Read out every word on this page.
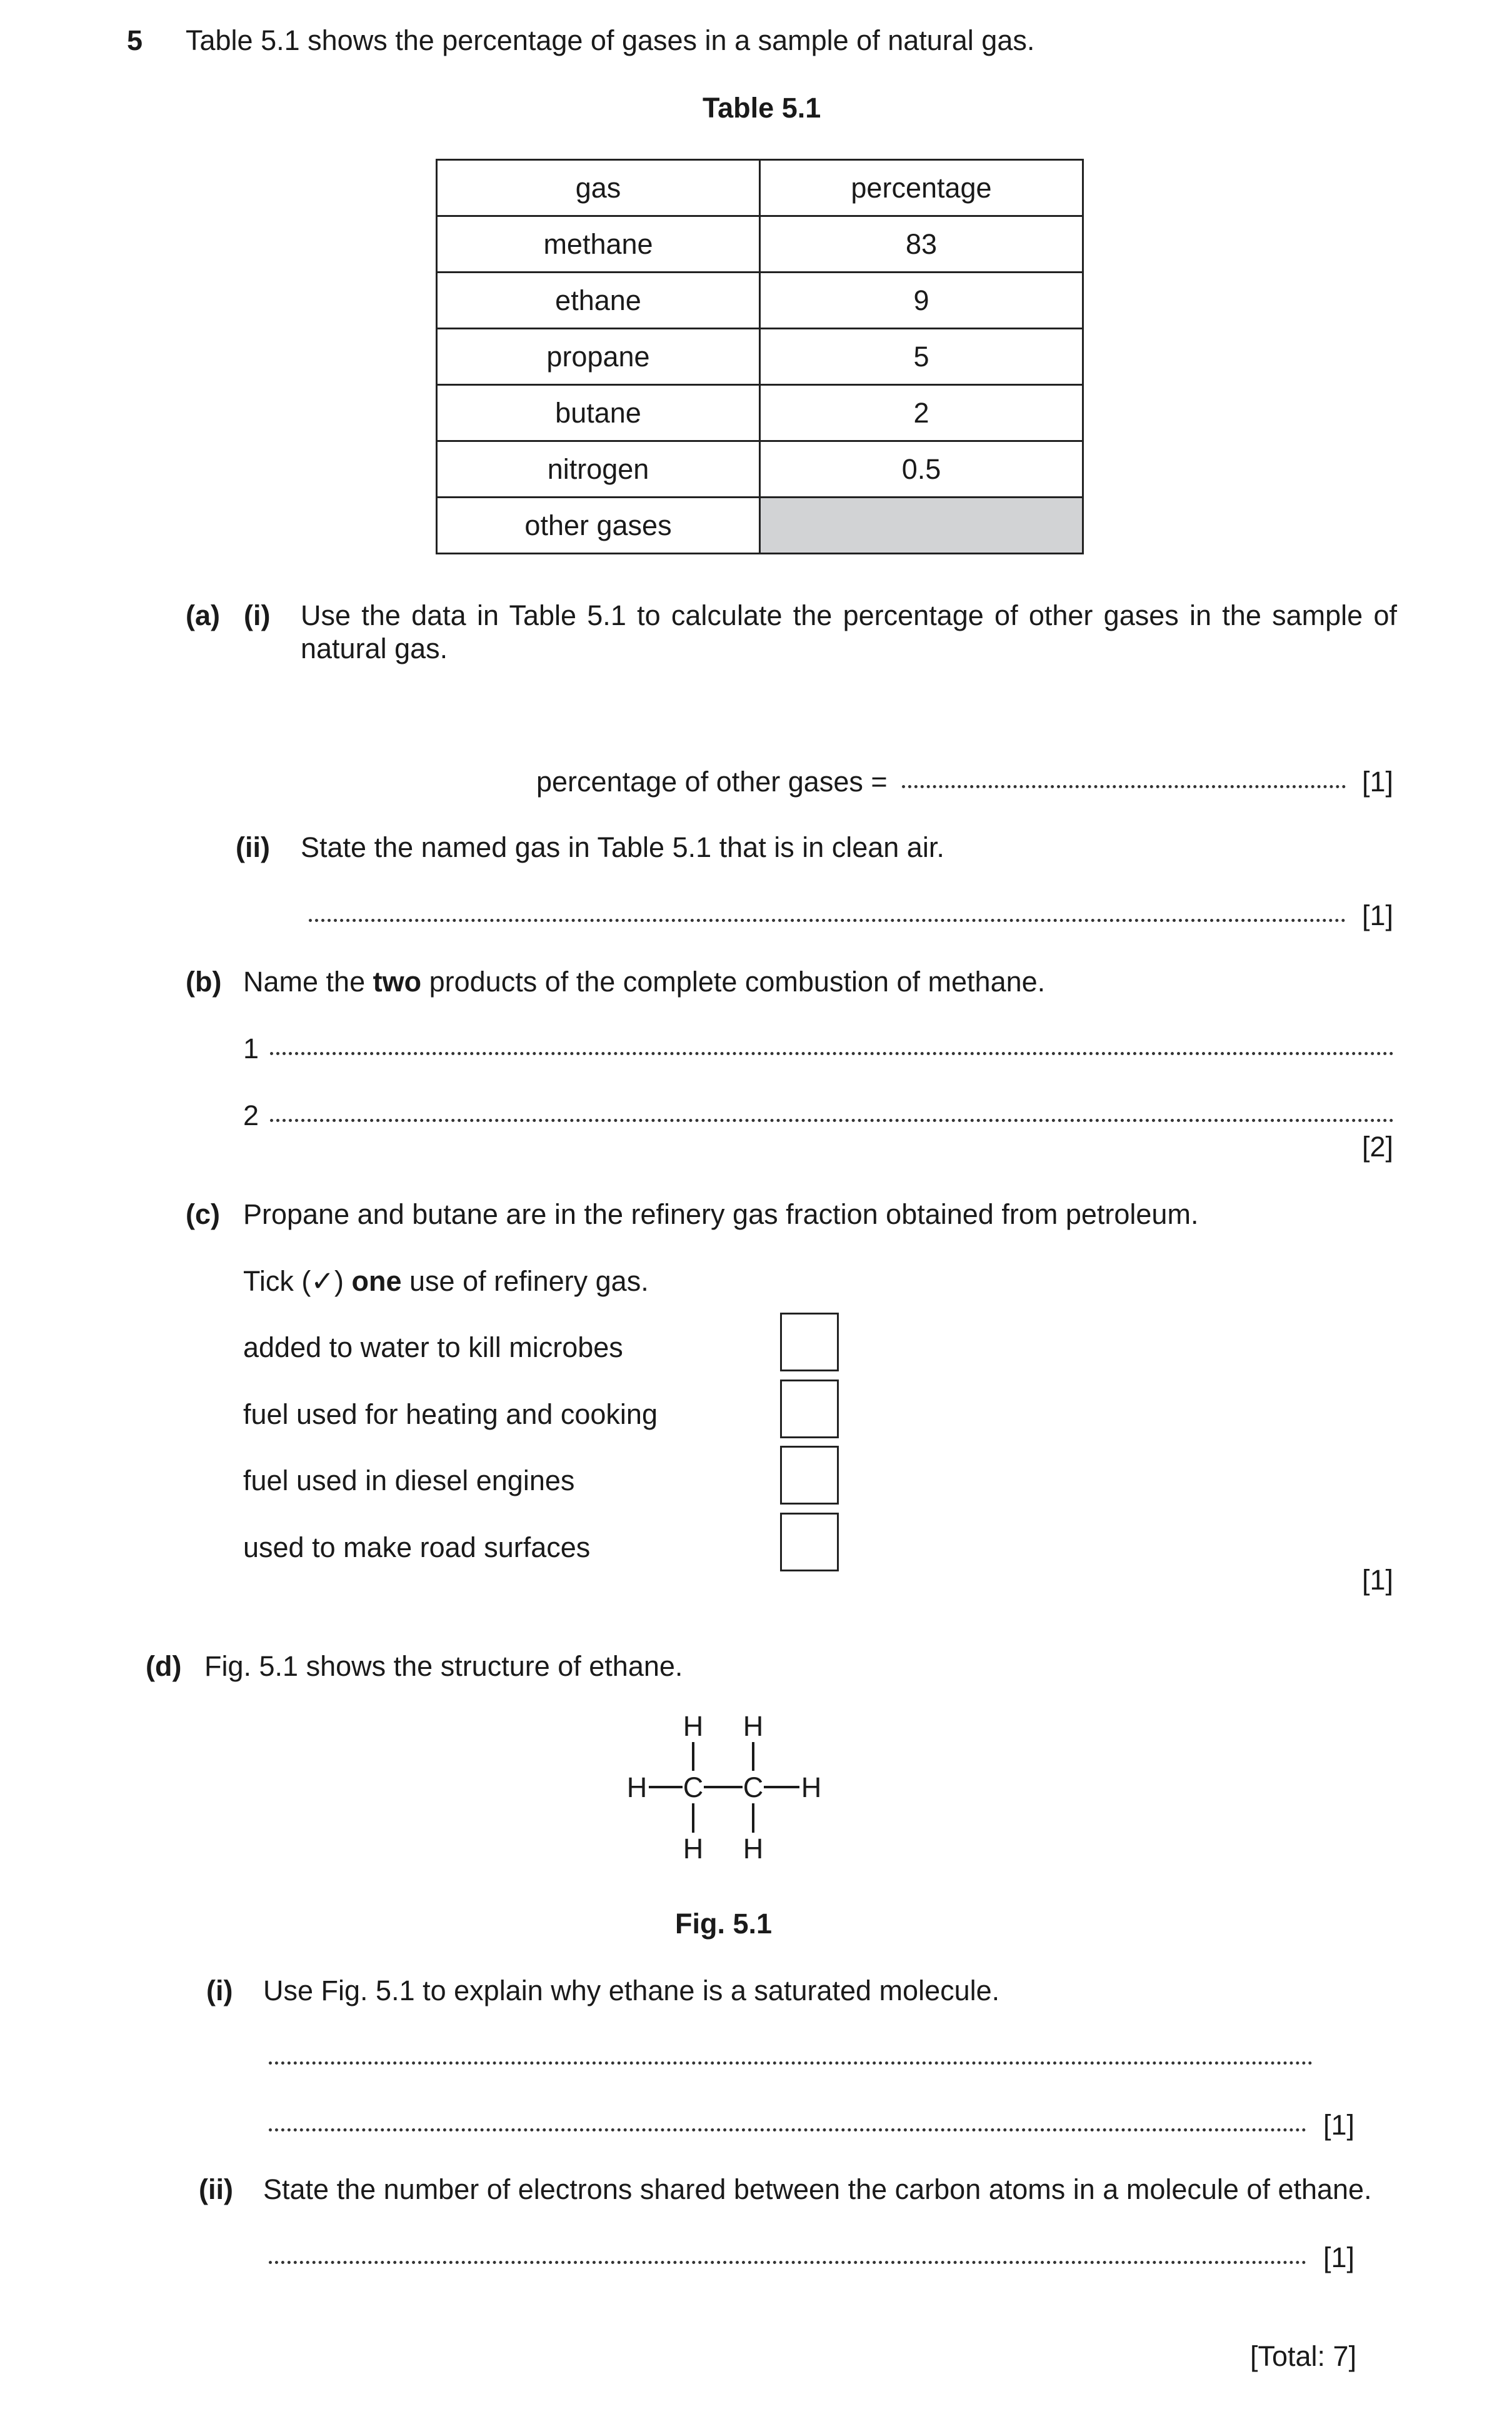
5 Table 5.1 shows the percentage of gases in a sample of natural gas.
Table 5.1
gas	percentage
methane	83
ethane	9
propane	5
butane	2
nitrogen	0.5
other gases	
(a) (i) Use the data in Table 5.1 to calculate the percentage of other gases in the sample of
natural gas.
percentage of other gases =	[1]
(ii) State the named gas in Table 5.1 that is in clean air.
[1]
(b) Name the two products of the complete combustion of methane.
1
2
[2]
(c) Propane and butane are in the refinery gas fraction obtained from petroleum.
Tick (✓) one use of refinery gas.
added to water to kill microbes
fuel used for heating and cooking
fuel used in diesel engines
used to make road surfaces
[1]
(d) Fig. 5.1 shows the structure of ethane.
H H
H C C H
H H
Fig. 5.1
(i) Use Fig. 5.1 to explain why ethane is a saturated molecule.
[1]
(ii) State the number of electrons shared between the carbon atoms in a molecule of ethane.
[1]
[Total: 7]
